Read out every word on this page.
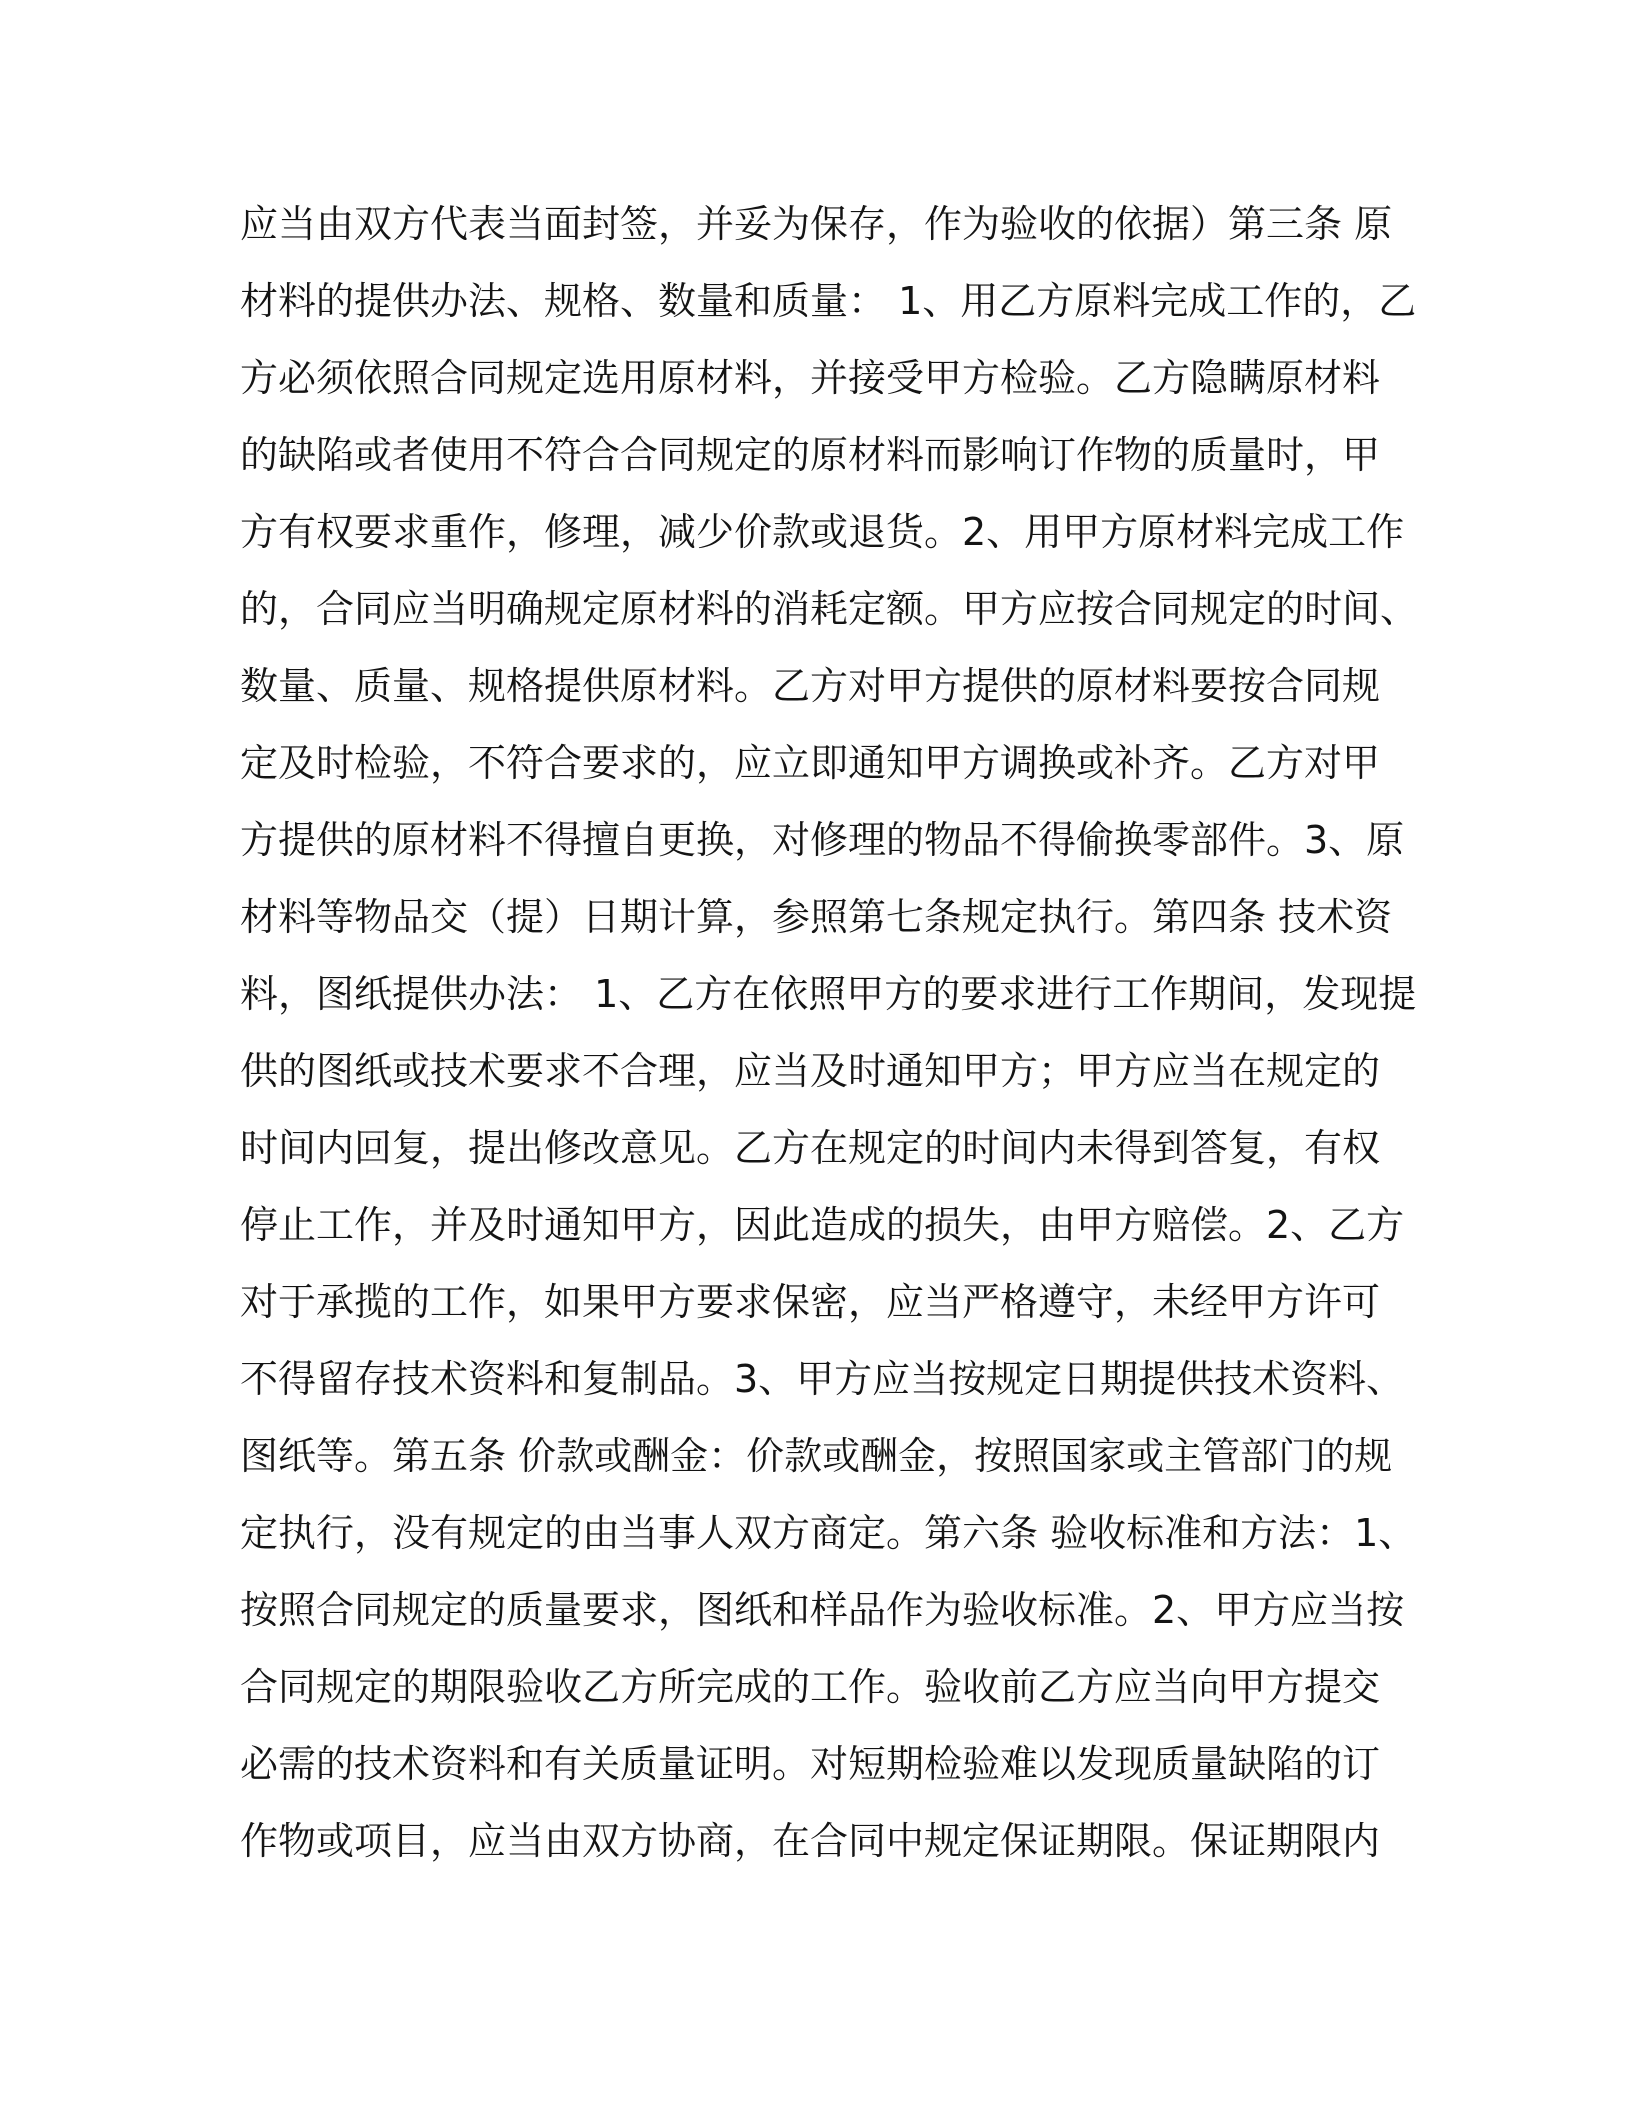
应当由双方代表当面封签，并妥为保存，作为验收的依据）第三条 原
材料的提供办法、规格、数量和质量： 1、用乙方原料完成工作的，乙
方必须依照合同规定选用原材料，并接受甲方检验。乙方隐瞒原材料
的缺陷或者使用不符合合同规定的原材料而影响订作物的质量时，甲
方有权要求重作，修理，减少价款或退货。2、用甲方原材料完成工作
的，合同应当明确规定原材料的消耗定额。甲方应按合同规定的时间、
数量、质量、规格提供原材料。乙方对甲方提供的原材料要按合同规
定及时检验，不符合要求的，应立即通知甲方调换或补齐。乙方对甲
方提供的原材料不得擅自更换，对修理的物品不得偷换零部件。3、原
材料等物品交（提）日期计算，参照第七条规定执行。第四条 技术资
料，图纸提供办法： 1、乙方在依照甲方的要求进行工作期间，发现提
供的图纸或技术要求不合理，应当及时通知甲方；甲方应当在规定的
时间内回复，提出修改意见。乙方在规定的时间内未得到答复，有权
停止工作，并及时通知甲方，因此造成的损失，由甲方赔偿。2、乙方
对于承揽的工作，如果甲方要求保密，应当严格遵守，未经甲方许可
不得留存技术资料和复制品。3、甲方应当按规定日期提供技术资料、
图纸等。第五条 价款或酬金：价款或酬金，按照国家或主管部门的规
定执行，没有规定的由当事人双方商定。第六条 验收标准和方法：1、
按照合同规定的质量要求，图纸和样品作为验收标准。2、甲方应当按
合同规定的期限验收乙方所完成的工作。验收前乙方应当向甲方提交
必需的技术资料和有关质量证明。对短期检验难以发现质量缺陷的订
作物或项目，应当由双方协商，在合同中规定保证期限。保证期限内
